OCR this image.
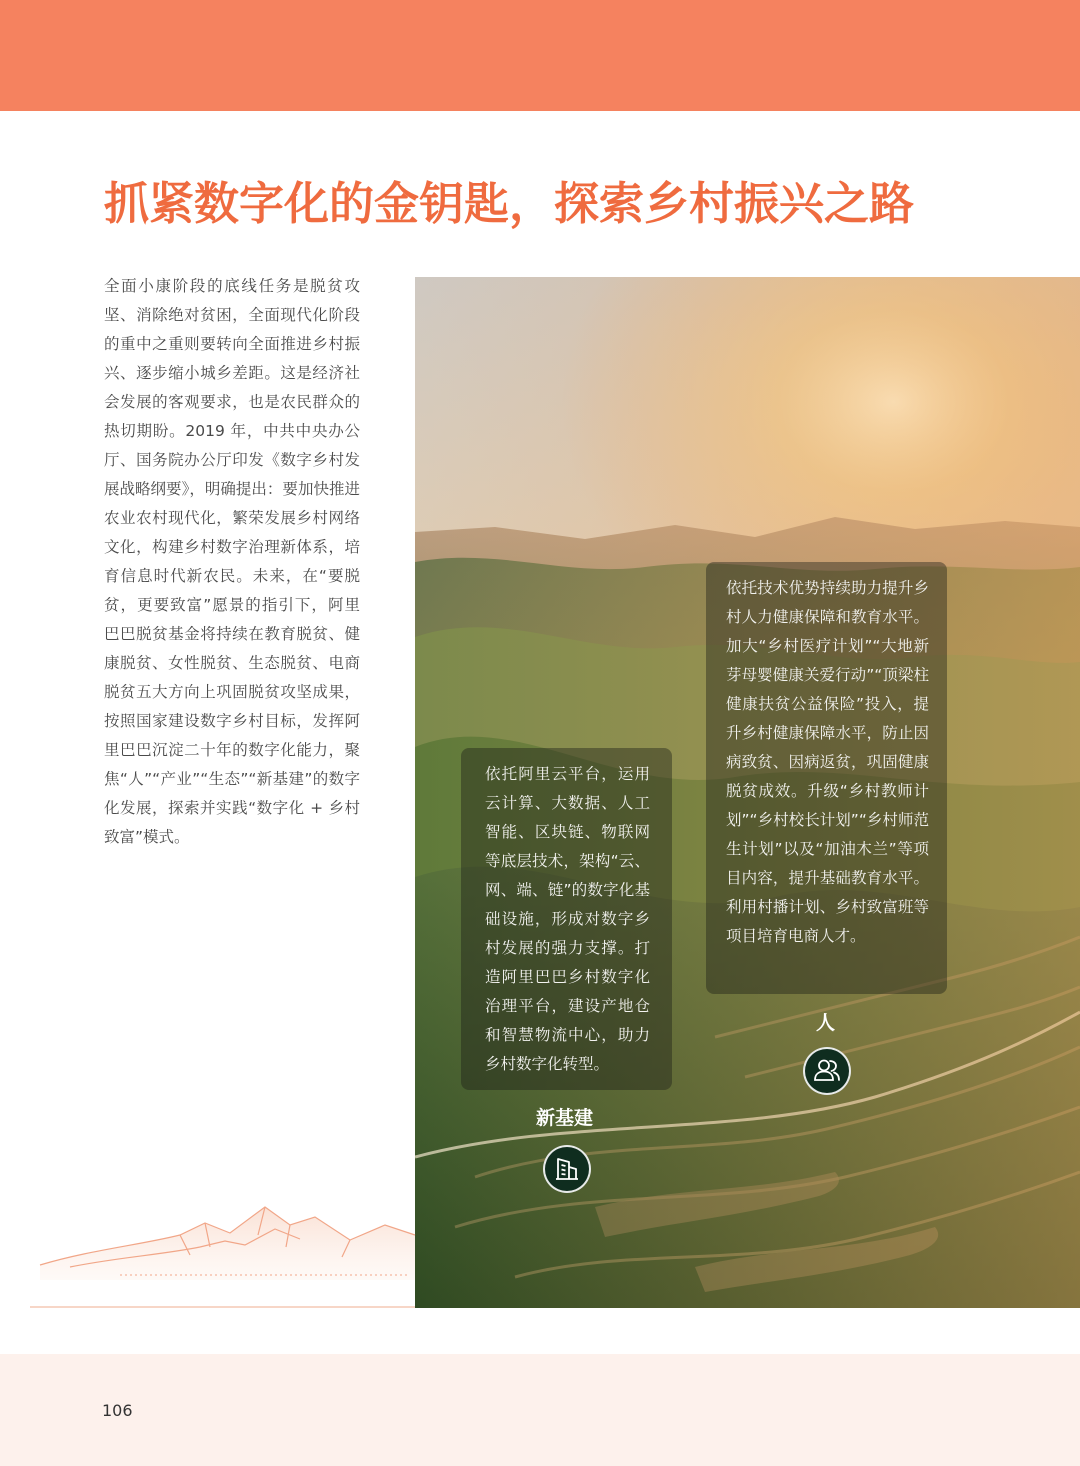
抓紧数字化的金钥匙，探索乡村振兴之路

全面小康阶段的底线任务是脱贫攻坚、消除绝对贫困，全面现代化阶段的重中之重则要转向全面推进乡村振兴、逐步缩小城乡差距。这是经济社会发展的客观要求，也是农民群众的热切期盼。2019 年，中共中央办公厅、国务院办公厅印发《数字乡村发展战略纲要》，明确提出：要加快推进农业农村现代化，繁荣发展乡村网络文化，构建乡村数字治理新体系，培育信息时代新农民。未来，在“要脱贫，更要致富”愿景的指引下，阿里巴巴脱贫基金将持续在教育脱贫、健康脱贫、女性脱贫、生态脱贫、电商脱贫五大方向上巩固脱贫攻坚成果，按照国家建设数字乡村目标，发挥阿里巴巴沉淀二十年的数字化能力，聚焦“人”“产业”“生态”“新基建”的数字化发展，探索并实践“数字化 + 乡村致富”模式。

依托阿里云平台，运用云计算、大数据、人工智能、区块链、物联网等底层技术，架构“云、网、端、链”的数字化基础设施，形成对数字乡村发展的强力支撑。打造阿里巴巴乡村数字化治理平台，建设产地仓和智慧物流中心，助力乡村数字化转型。
依托技术优势持续助力提升乡村人力健康保障和教育水平。加大“乡村医疗计划”“大地新芽母婴健康关爱行动”“顶梁柱健康扶贫公益保险”投入，提升乡村健康保障水平，防止因病致贫、因病返贫，巩固健康脱贫成效。升级“乡村教师计划”“乡村校长计划”“乡村师范生计划”以及“加油木兰”等项目内容，提升基础教育水平。利用村播计划、乡村致富班等项目培育电商人才。
新基建
人
106
